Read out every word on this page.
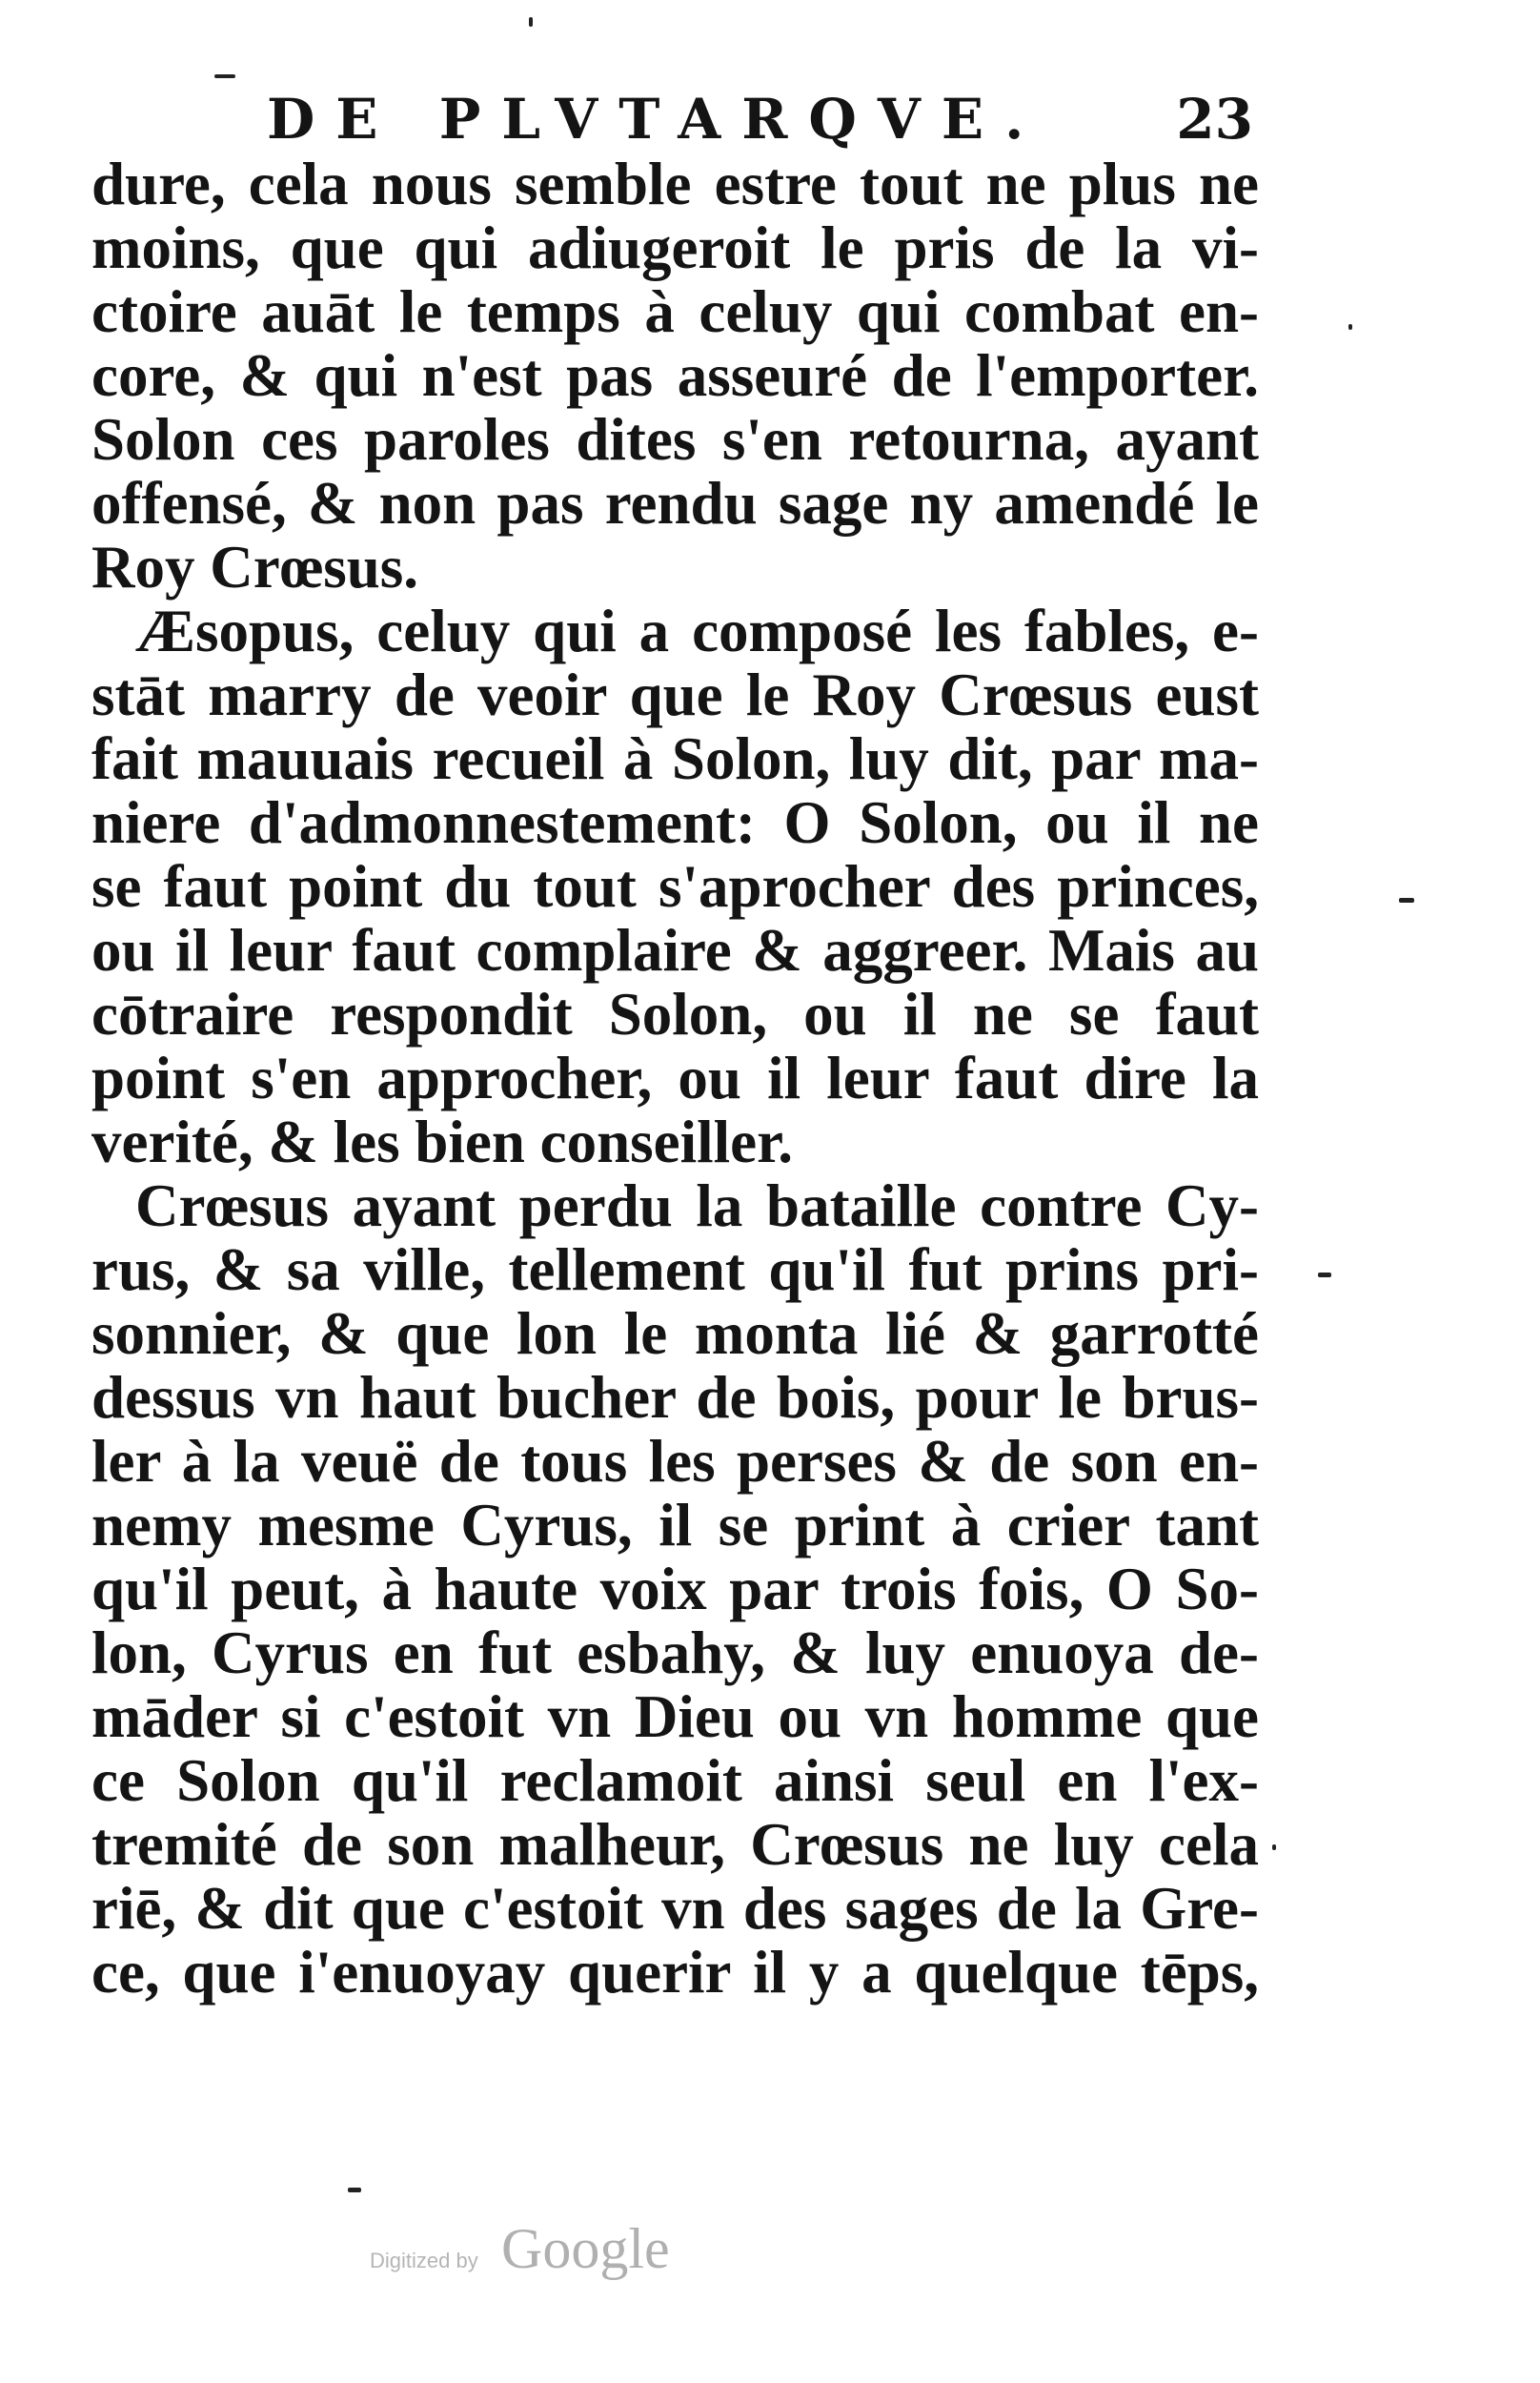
DE PLVTARQVE. 23
dure, cela nous semble estre tout ne plus ne
moins, que qui adiugeroit le pris de la vi-
ctoire auāt le temps à celuy qui combat en-
core, & qui n'est pas asseuré de l'emporter.
Solon ces paroles dites s'en retourna, ayant
offensé, & non pas rendu sage ny amendé le
Roy Crœsus.
Æsopus, celuy qui a composé les fables, e-
stāt marry de veoir que le Roy Crœsus eust
fait mauuais recueil à Solon, luy dit, par ma-
niere d'admonnestement: O Solon, ou il ne
se faut point du tout s'aprocher des princes,
ou il leur faut complaire & aggreer. Mais au
cōtraire respondit Solon, ou il ne se faut
point s'en approcher, ou il leur faut dire la
verité, & les bien conseiller.
Crœsus ayant perdu la bataille contre Cy-
rus, & sa ville, tellement qu'il fut prins pri-
sonnier, & que lon le monta lié & garrotté
dessus vn haut bucher de bois, pour le brus-
ler à la veuë de tous les perses & de son en-
nemy mesme Cyrus, il se print à crier tant
qu'il peut, à haute voix par trois fois, O So-
lon, Cyrus en fut esbahy, & luy enuoya de-
māder si c'estoit vn Dieu ou vn homme que
ce Solon qu'il reclamoit ainsi seul en l'ex-
tremité de son malheur, Crœsus ne luy cela
riē, & dit que c'estoit vn des sages de la Gre-
ce, que i'enuoyay querir il y a quelque tēps,
Digitized by Google
